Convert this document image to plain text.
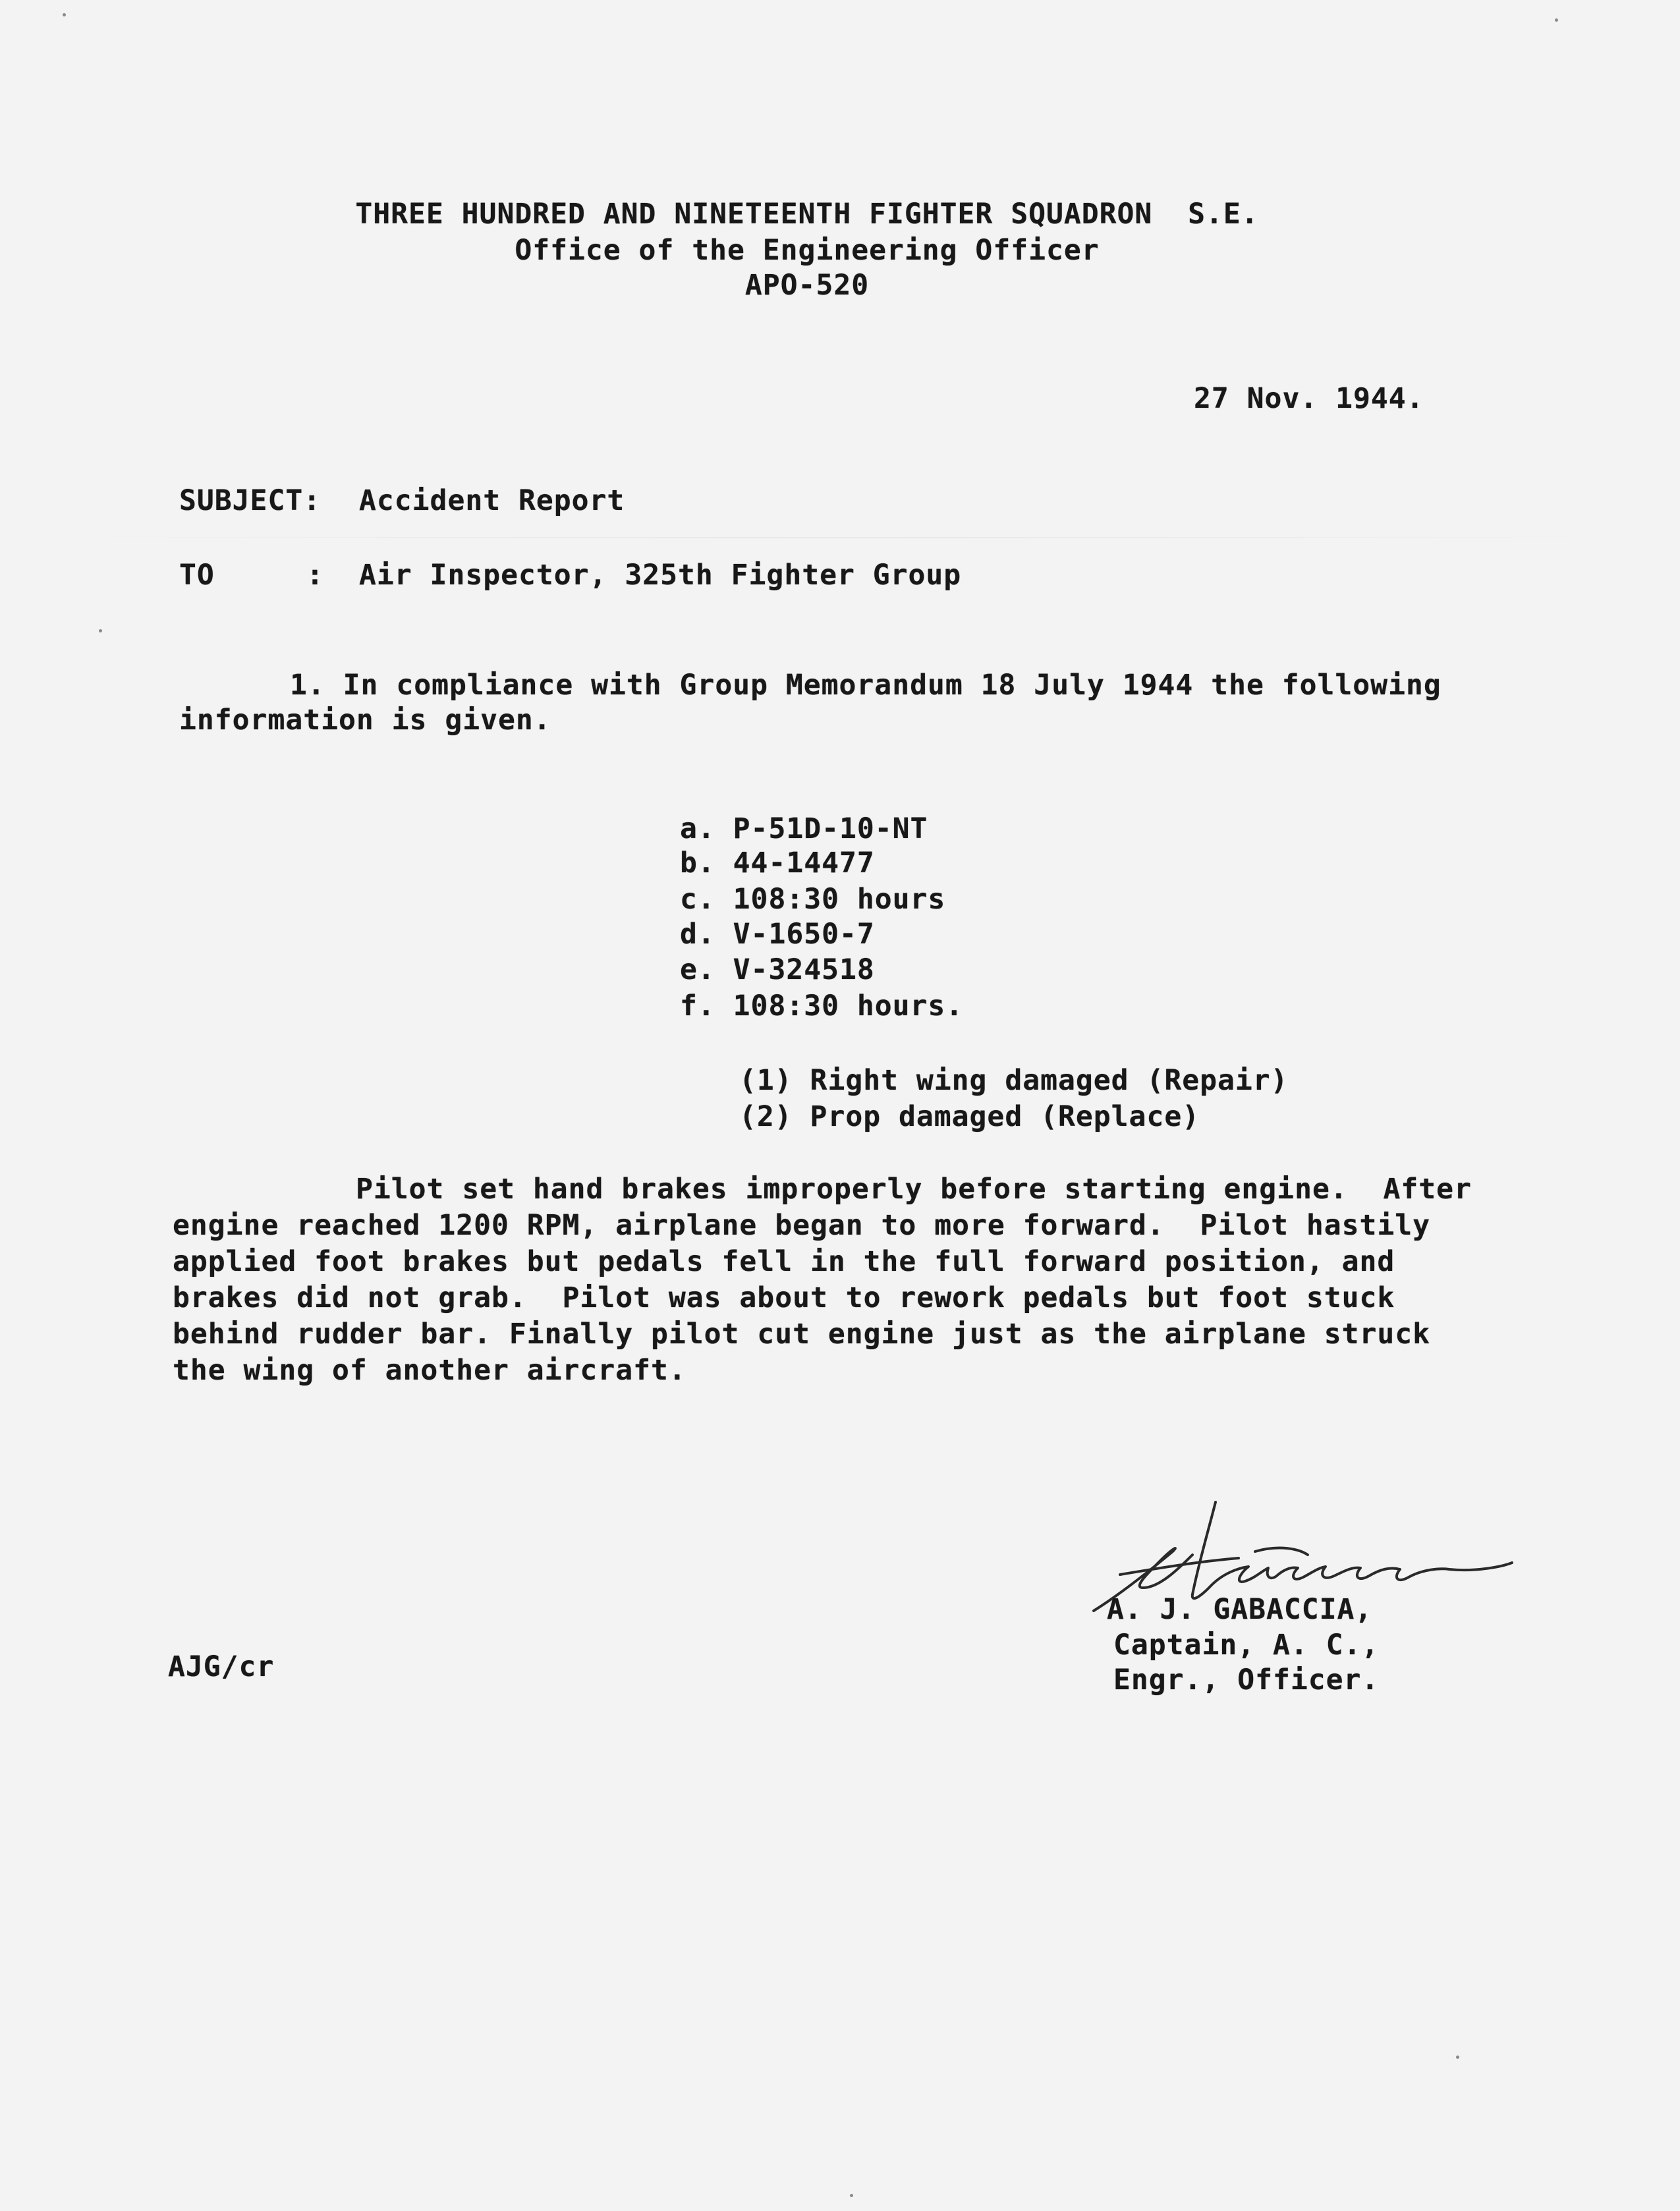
THREE HUNDRED AND NINETEENTH FIGHTER SQUADRON  S.E.
Office of the Engineering Officer
APO-520
27 Nov. 1944.
SUBJECT: Accident Report
TO	: Air Inspector, 325th Fighter Group
1. In compliance with Group Memorandum 18 July 1944 the following
information is given.
a. P-51D-10-NT
b. 44-14477
c. 108:30 hours
d. V-1650-7
e. V-324518
f. 108:30 hours.
(1) Right wing damaged (Repair)
(2) Prop damaged (Replace)
Pilot set hand brakes improperly before starting engine.  After
engine reached 1200 RPM, airplane began to more forward.  Pilot hastily
applied foot brakes but pedals fell in the full forward position, and
brakes did not grab.  Pilot was about to rework pedals but foot stuck
behind rudder bar. Finally pilot cut engine just as the airplane struck
the wing of another aircraft.
A. J. GABACCIA,
Captain, A. C.,
Engr., Officer.
AJG/cr
